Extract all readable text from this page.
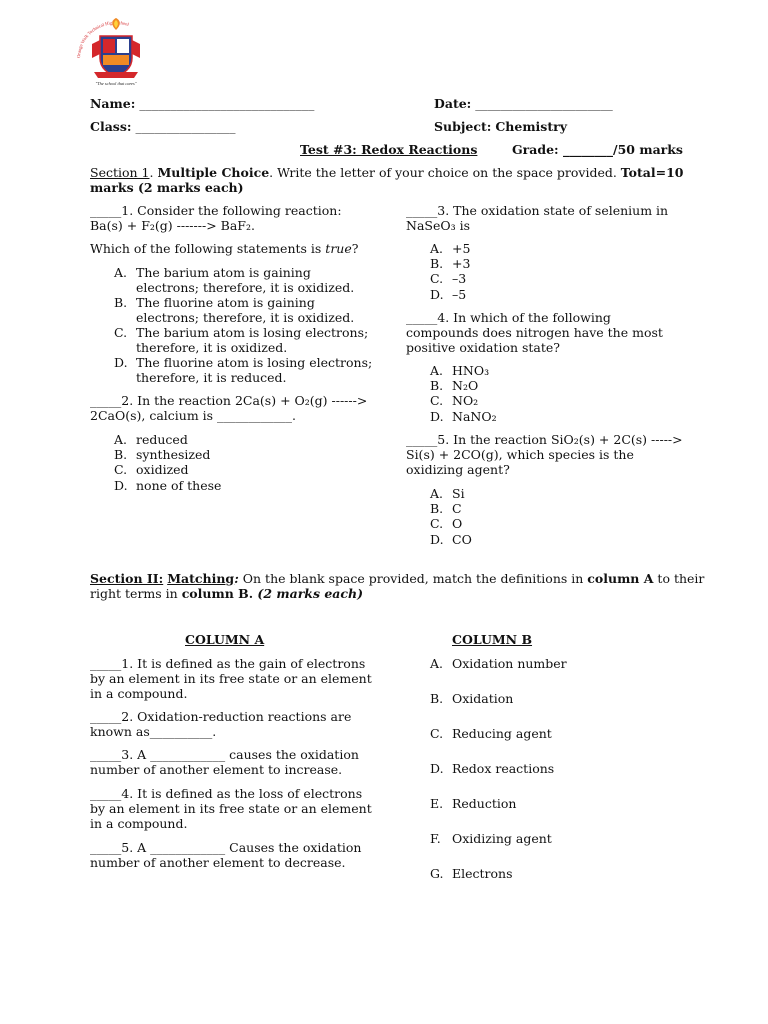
Orange Walk Technical Hig hool
"The school that cares"
Name: ____________________________	Date: ______________________
Class: ________________	Subject: Chemistry
Test #3: Redox Reactions	Grade: ________/50 marks
Section 1. Multiple Choice. Write the letter of your choice on the space provided. Total=10
marks (2 marks each)
_____1. Consider the following reaction:
Ba(s) + F₂(g) -------> BaF₂.
Which of the following statements is true?
A. The barium atom is gaining
electrons; therefore, it is oxidized.
B. The fluorine atom is gaining
electrons; therefore, it is oxidized.
C. The barium atom is losing electrons;
therefore, it is oxidized.
D. The fluorine atom is losing electrons;
therefore, it is reduced.
_____2. In the reaction 2Ca(s) + O₂(g) ------>
2CaO(s), calcium is ____________.
A. reduced
B. synthesized
C. oxidized
D. none of these
_____3. The oxidation state of selenium in
NaSeO₃ is
A. +5
B. +3
C. –3
D. –5
_____4. In which of the following
compounds does nitrogen have the most
positive oxidation state?
A. HNO₃
B. N₂O
C. NO₂
D. NaNO₂
_____5. In the reaction SiO₂(s) + 2C(s) ----->
Si(s) + 2CO(g), which species is the
oxidizing agent?
A. Si
B. C
C. O
D. CO
Section II: Matching: On the blank space provided, match the definitions in column A to their
right terms in column B. (2 marks each)
COLUMN A	COLUMN B
_____1. It is defined as the gain of electrons
by an element in its free state or an element
in a compound.
_____2. Oxidation-reduction reactions are
known as__________.
_____3. A ____________ causes the oxidation
number of another element to increase.
_____4. It is defined as the loss of electrons
by an element in its free state or an element
in a compound.
_____5. A ____________ Causes the oxidation
number of another element to decrease.
A. Oxidation number
B. Oxidation
C. Reducing agent
D. Redox reactions
E. Reduction
F. Oxidizing agent
G. Electrons
